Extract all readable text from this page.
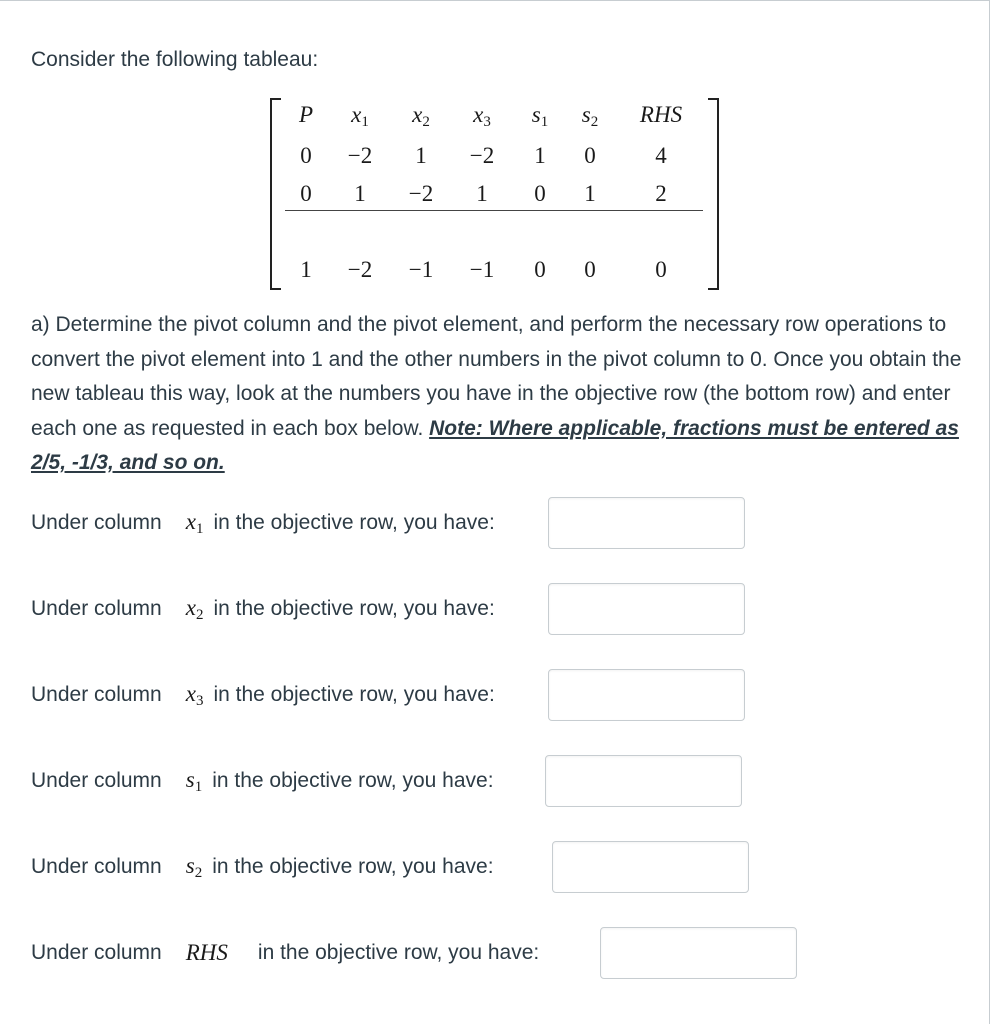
Consider the following tableau:

P $x_1$ $x_2$ $x_3$ $s_1$ $s_2$ RHS
0 −2 1 −2 1 0	4
0 1 −2 1 0 1	2
1 −2 −1 −1 0 0	0

a) Determine the pivot column and the pivot element, and perform the necessary row operations to convert the pivot element into 1 and the other numbers in the pivot column to 0. Once you obtain the new tableau this way, look at the numbers you have in the objective row (the bottom row) and enter each one as requested in each box below. Note: Where applicable, fractions must be entered as 2/5, -1/3, and so on.

Under column $x_1$ in the objective row, you have:
Under column $x_2$ in the objective row, you have:
Under column $x_3$ in the objective row, you have:
Under column $s_1$ in the objective row, you have:
Under column $s_2$ in the objective row, you have:
Under column RHS in the objective row, you have:
